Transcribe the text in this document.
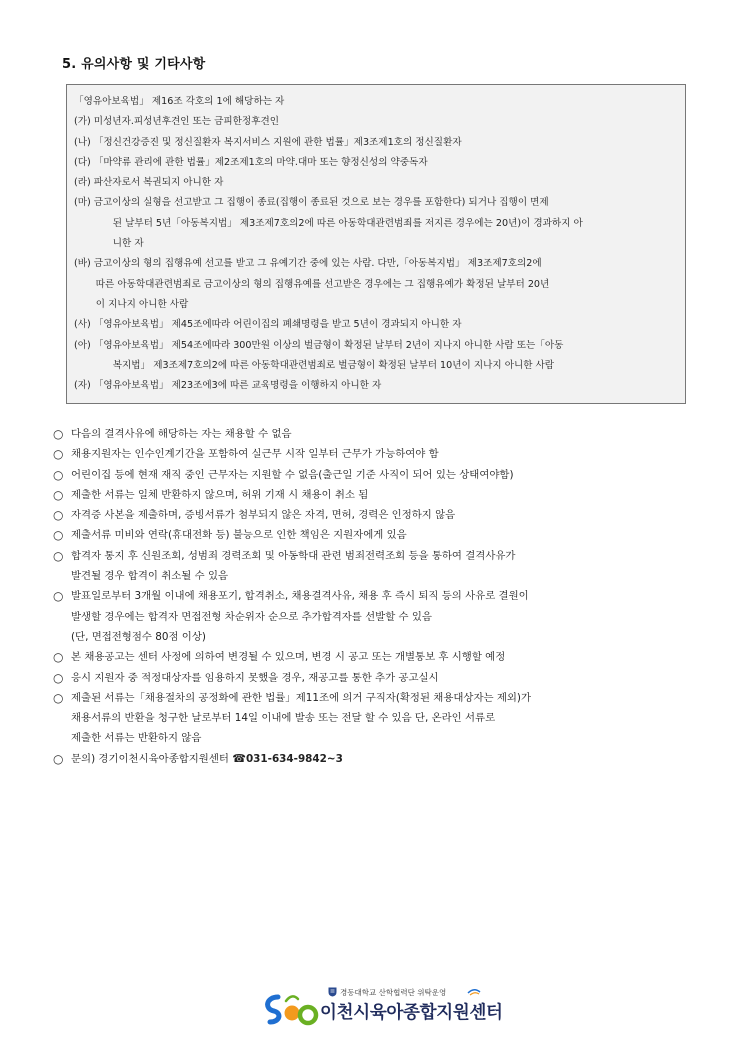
5. 유의사항 및 기타사항
「영유아보육법」 제16조 각호의 1에 해당하는 자
(가) 미성년자.피성년후견인 또는 금피한정후견인
(나) 「정신건강증진 및 정신질환자 복지서비스 지원에 관한 법률」제3조제1호의 정신질환자
(다) 「마약류 관리에 관한 법률」제2조제1호의 마약.대마 또는 향정신성의 약중독자
(라) 파산자로서 복권되지 아니한 자
(마) 금고이상의 실형을 선고받고 그 집행이 종료(집행이 종료된 것으로 보는 경우를 포함한다) 되거나 집행이 면제
된 날부터 5년「아동복지법」 제3조제7호의2에 따른 아동학대관련범죄를 저지른 경우에는 20년)이 경과하지 아
니한 자
(바) 금고이상의 형의 집행유예 선고를 받고 그 유예기간 중에 있는 사람. 다만,「아동복지법」 제3조제7호의2에
따른 아동학대관련범죄로 금고이상의 형의 집행유예를 선고받은 경우에는 그 집행유예가 확정된 날부터 20년
이 지나지 아니한 사람
(사) 「영유아보육법」 제45조에따라 어린이집의 폐쇄명령을 받고 5년이 경과되지 아니한 자
(아) 「영유아보육법」 제54조에따라 300만원 이상의 벌금형이 확정된 날부터 2년이 지나지 아니한 사람 또는「아동
복지법」 제3조제7호의2에 따른 아동학대관련범죄로 벌금형이 확정된 날부터 10년이 지나지 아니한 사람
(자) 「영유아보육법」 제23조에3에 따른 교육명령을 이행하지 아니한 자
○ 다음의 결격사유에 해당하는 자는 채용할 수 없음
○ 채용지원자는 인수인계기간을 포함하여 실근무 시작 일부터 근무가 가능하여야 함
○ 어린이집 등에 현재 재직 중인 근무자는 지원할 수 없음(출근일 기준 사직이 되어 있는 상태여야함)
○ 제출한 서류는 일체 반환하지 않으며, 허위 기재 시 채용이 취소 됨
○ 자격증 사본을 제출하며, 증빙서류가 첨부되지 않은 자격, 면허, 경력은 인정하지 않음
○ 제출서류 미비와 연락(휴대전화 등) 불능으로 인한 책임은 지원자에게 있음
○ 합격자 통지 후 신원조회, 성범죄 경력조회 및 아동학대 관련 범죄전력조회 등을 통하여 결격사유가
발견될 경우 합격이 취소될 수 있음
○ 발표일로부터 3개월 이내에 채용포기, 합격취소, 채용결격사유, 채용 후 즉시 퇴직 등의 사유로 결원이
발생할 경우에는 합격자 면접전형 차순위자 순으로 추가합격자를 선발할 수 있음
(단, 면접전형점수 80점 이상)
○ 본 채용공고는 센터 사정에 의하여 변경될 수 있으며, 변경 시 공고 또는 개별통보 후 시행할 예정
○ 응시 지원자 중 적정대상자를 임용하지 못했을 경우, 재공고를 통한 추가 공고실시
○ 제출된 서류는「채용절차의 공정화에 관한 법률」제11조에 의거 구직자(확정된 채용대상자는 제외)가
채용서류의 반환을 청구한 날로부터 14일 이내에 발송 또는 전달 할 수 있음 단, 온라인 서류로
제출한 서류는 반환하지 않음
○ 문의) 경기이천시육아종합지원센터 ☎031-634-9842~3
경동대학교 산학협력단 위탁운영
이천시육아종합지원센터
